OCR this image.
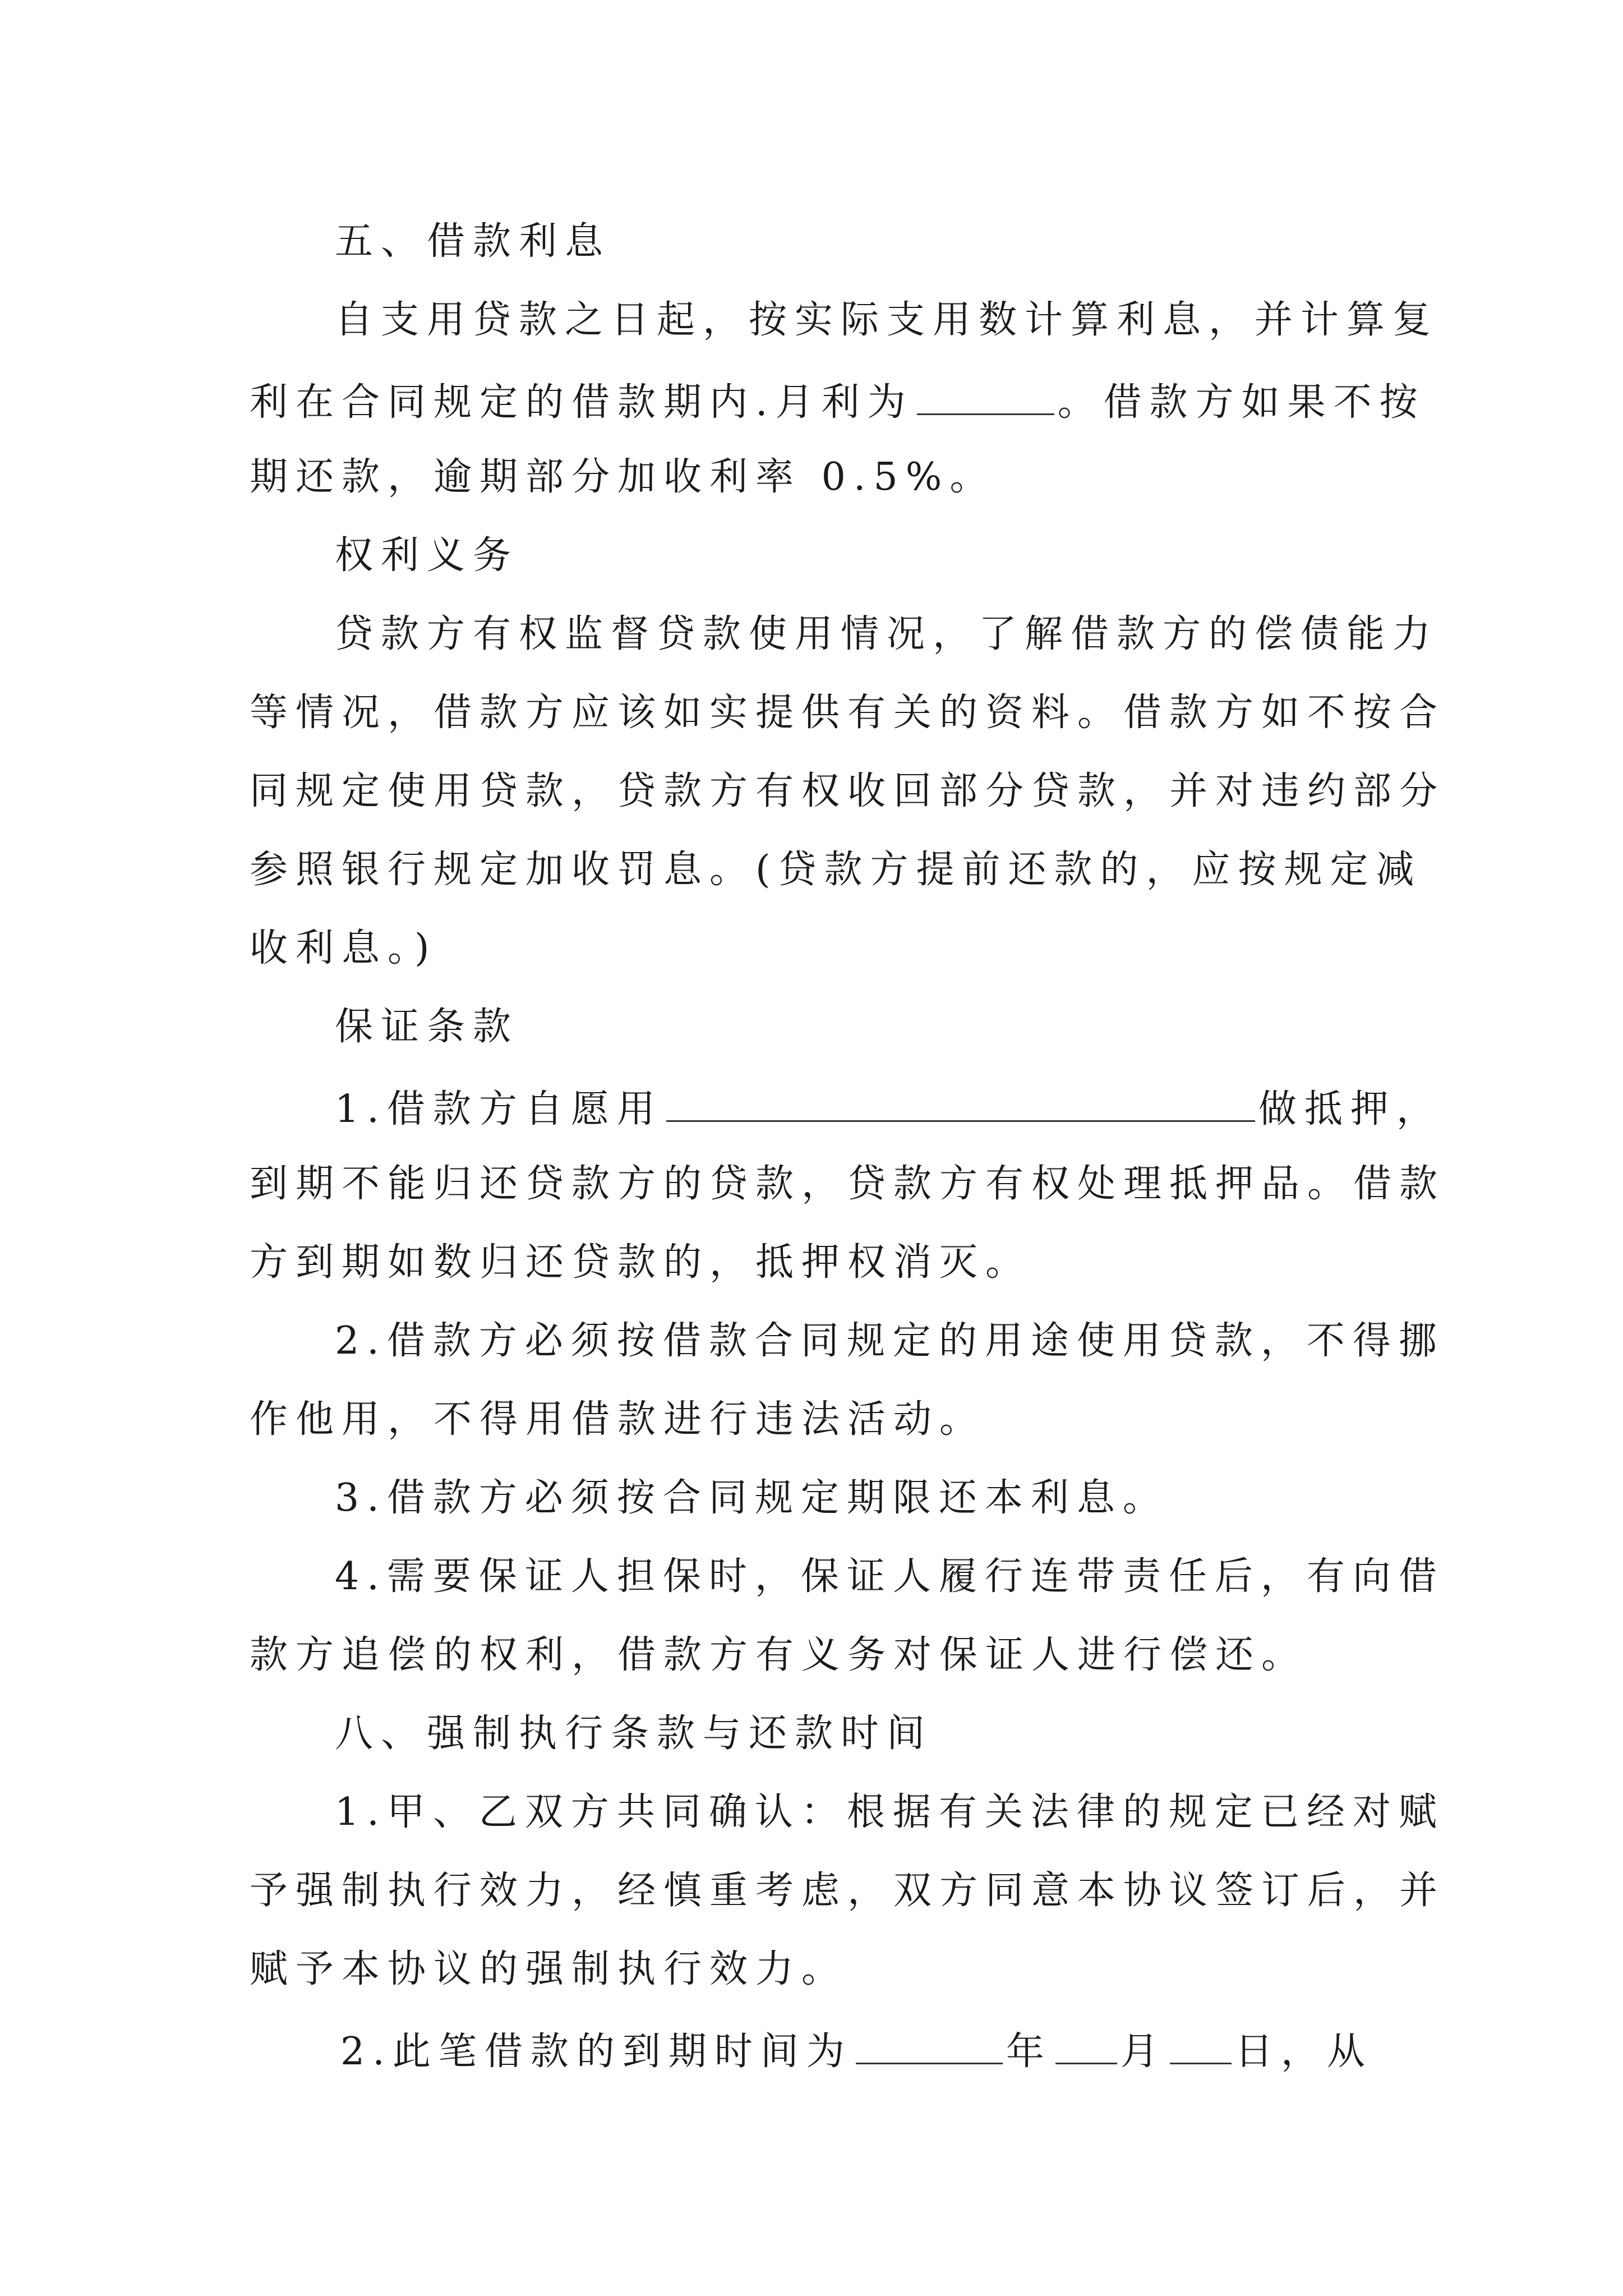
五、借款利息
自支用贷款之日起，按实际支用数计算利息，并计算复
利在合同规定的借款期内.月利为	。借款方如果不按
期还款，逾期部分加收利率 0.5%。
权利义务
贷款方有权监督贷款使用情况，了解借款方的偿债能力
等情况，借款方应该如实提供有关的资料。借款方如不按合
同规定使用贷款，贷款方有权收回部分贷款，并对违约部分
参照银行规定加收罚息。(贷款方提前还款的，应按规定减
收利息。)
保证条款
1.借款方自愿用	做抵押，
到期不能归还贷款方的贷款，贷款方有权处理抵押品。借款
方到期如数归还贷款的，抵押权消灭。
2.借款方必须按借款合同规定的用途使用贷款，不得挪
作他用，不得用借款进行违法活动。
3.借款方必须按合同规定期限还本利息。
4.需要保证人担保时，保证人履行连带责任后，有向借
款方追偿的权利，借款方有义务对保证人进行偿还。
八、强制执行条款与还款时间
1.甲、乙双方共同确认：根据有关法律的规定已经对赋
予强制执行效力，经慎重考虑，双方同意本协议签订后，并
赋予本协议的强制执行效力。
2.此笔借款的到期时间为	年 月 日，从
